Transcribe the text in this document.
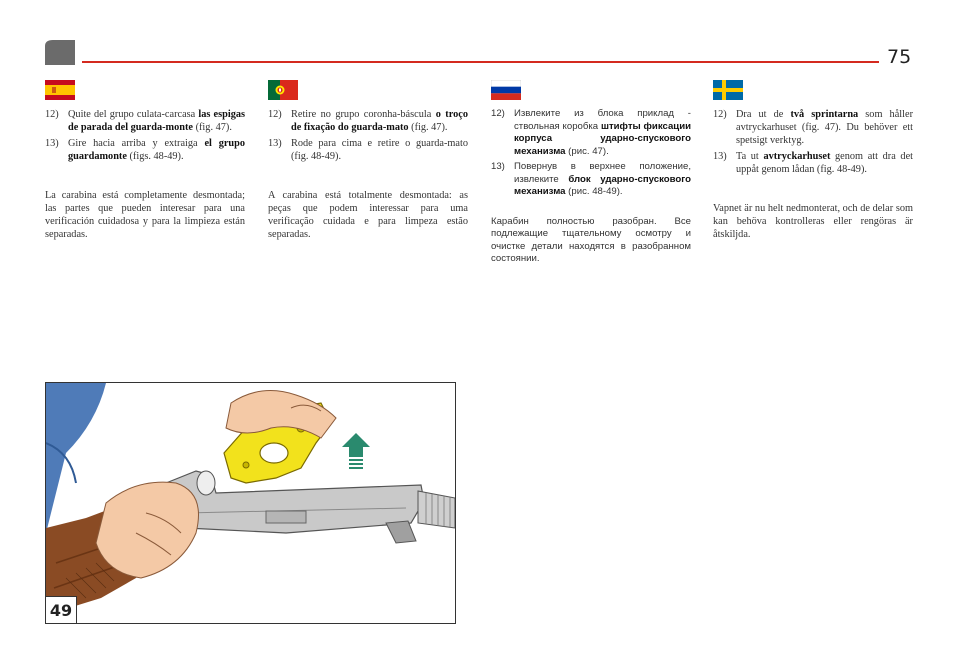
75
12) Quite del grupo culata-carcasa las espigas de parada del guarda-monte (fig. 47).
13) Gire hacia arriba y extraiga el grupo guardamonte (figs. 48-49).
La carabina está completamente desmontada; las partes que pueden interesar para una verificación cuidadosa y para la limpieza están separadas.
12) Retire no grupo coronha-báscula o troço de fixação do guarda-mato (fig. 47).
13) Rode para cima e retire o guarda-mato (fig. 48-49).
A carabina está totalmente desmontada: as peças que podem interessar para uma verificação cuidada e para limpeza estão separadas.
12) Извлеките из блока приклад - ствольная коробка штифты фиксации корпуса ударно-спускового механизма (рис. 47).
13) Повернув в верхнее положение, извлеките блок ударно-спускового механизма (рис. 48-49).
Карабин полностью разобран. Все подлежащие тщательному осмотру и очистке детали находятся в разобранном состоянии.
12) Dra ut de två sprintarna som håller avtryckarhuset (fig. 47). Du behöver ett spetsigt verktyg.
13) Ta ut avtryckarhuset genom att dra det uppåt genom lådan (fig. 48-49).
Vapnet är nu helt nedmonterat, och de delar som kan behöva kontrolleras eller rengöras är åtskiljda.
49
